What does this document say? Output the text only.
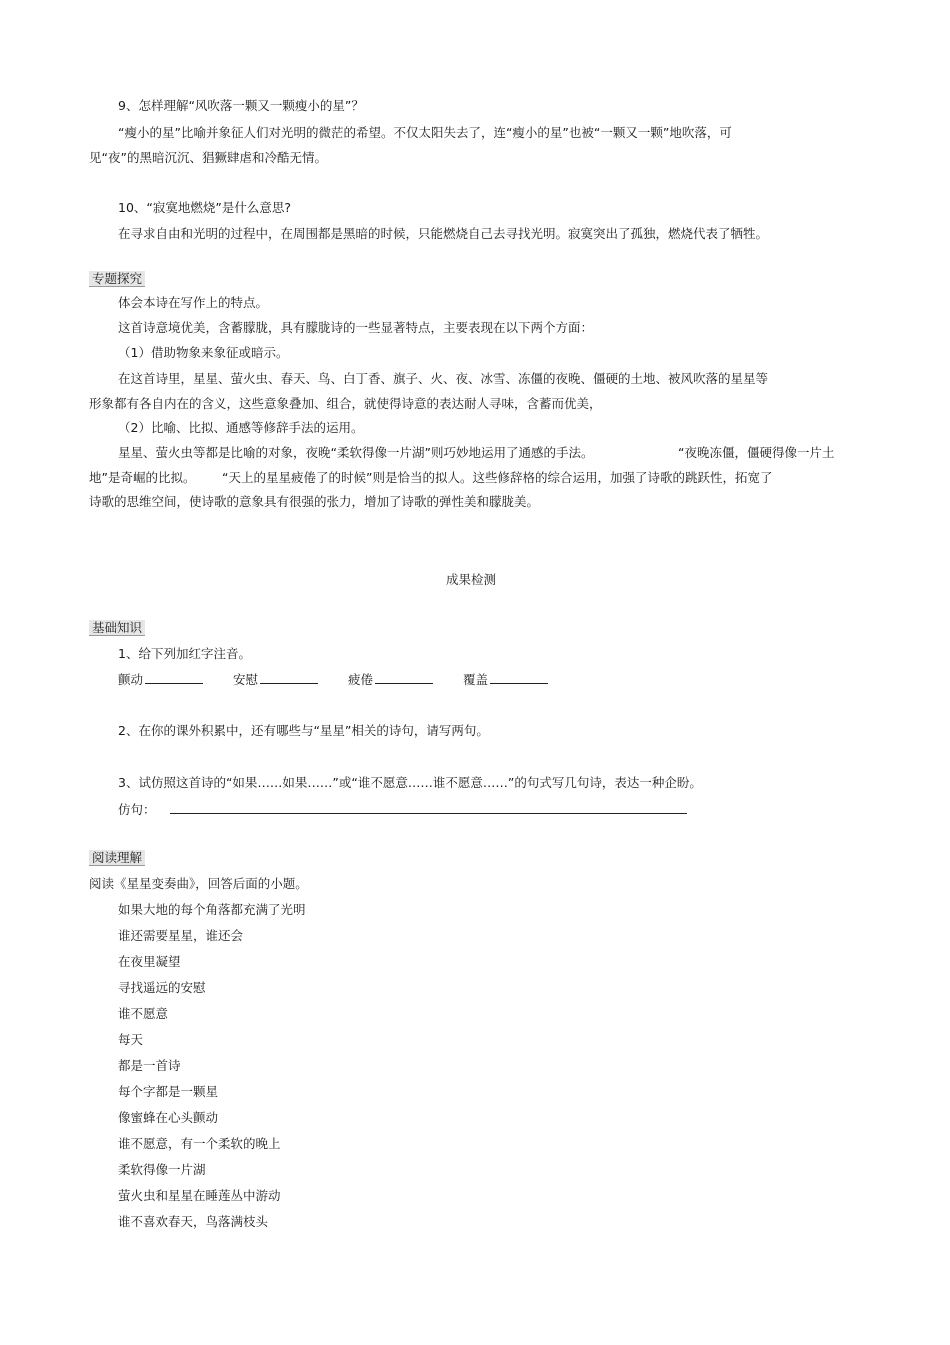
9、怎样理解“风吹落一颗又一颗瘦小的星”？
“瘦小的星”比喻并象征人们对光明的微茫的希望。不仅太阳失去了，连“瘦小的星”也被“一颗又一颗”地吹落，可
见“夜”的黑暗沉沉、猖獗肆虐和冷酷无情。
10、“寂寞地燃烧”是什么意思?
在寻求自由和光明的过程中，在周围都是黑暗的时候，只能燃烧自己去寻找光明。寂寞突出了孤独，燃烧代表了牺牲。
专题探究
体会本诗在写作上的特点。
这首诗意境优美，含蓄朦胧，具有朦胧诗的一些显著特点，主要表现在以下两个方面：
（1）借助物象来象征或暗示。
在这首诗里，星星、萤火虫、春天、鸟、白丁香、旗子、火、夜、冰雪、冻僵的夜晚、僵硬的土地、被风吹落的星星等
形象都有各自内在的含义，这些意象叠加、组合，就使得诗意的表达耐人寻味，含蓄而优美，
（2）比喻、比拟、通感等修辞手法的运用。
星星、萤火虫等都是比喻的对象，夜晚“柔软得像一片湖”则巧妙地运用了通感的手法。	“夜晚冻僵，僵硬得像一片土
地”是奇崛的比拟。 “天上的星星疲倦了的时候”则是恰当的拟人。这些修辞格的综合运用，加强了诗歌的跳跃性，拓宽了
诗歌的思维空间，使诗歌的意象具有很强的张力，增加了诗歌的弹性美和朦胧美。
成果检测
基础知识
1、给下列加红字注音。
颤动	安慰	疲倦	覆盖
2、在你的课外积累中，还有哪些与“星星”相关的诗句，请写两句。
3、试仿照这首诗的“如果……如果……”或“谁不愿意……谁不愿意……”的句式写几句诗，表达一种企盼。
仿句：
阅读理解
阅读《星星变奏曲》，回答后面的小题。
如果大地的每个角落都充满了光明
谁还需要星星，谁还会
在夜里凝望
寻找遥远的安慰
谁不愿意
每天
都是一首诗
每个字都是一颗星
像蜜蜂在心头颤动
谁不愿意，有一个柔软的晚上
柔软得像一片湖
萤火虫和星星在睡莲丛中游动
谁不喜欢春天，鸟落满枝头
